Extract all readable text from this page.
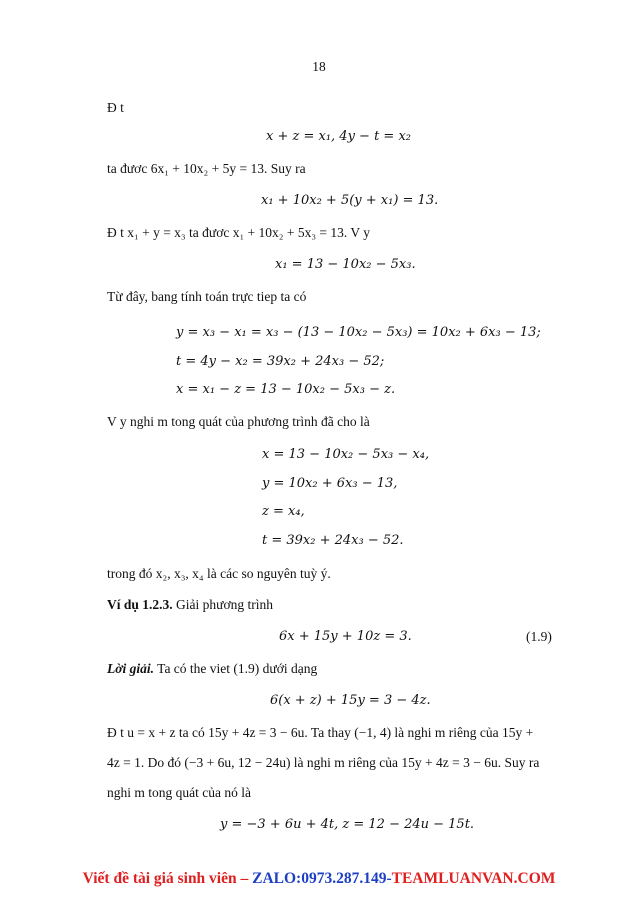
18
Đ t
x + z = x₁, 4y − t = x₂
ta đươc 6x₁ + 10x₂ + 5y = 13. Suy ra
x₁ + 10x₂ + 5(y + x₁) = 13.
Đ t x₁ + y = x₃ ta đươc x₁ + 10x₂ + 5x₃ = 13. V y
x₁ = 13 − 10x₂ − 5x₃.
Từ đây, bang tính toán trực tiep ta có
y = x₃ − x₁ = x₃ − (13 − 10x₂ − 5x₃) = 10x₂ + 6x₃ − 13;
t = 4y − x₂ = 39x₂ + 24x₃ − 52;
x = x₁ − z = 13 − 10x₂ − 5x₃ − z.
V y nghi m tong quát của phương trình đã cho là
x = 13 − 10x₂ − 5x₃ − x₄,
y = 10x₂ + 6x₃ − 13,
z = x₄,
t = 39x₂ + 24x₃ − 52.
trong đó x₂, x₃, x₄ là các so nguyên tuỳ ý.
Ví dụ 1.2.3. Giải phương trình
6x + 15y + 10z = 3.	(1.9)
Lời giải. Ta có the viet (1.9) dưới dạng
6(x + z) + 15y = 3 − 4z.
Đ t u = x + z ta có 15y + 4z = 3 − 6u. Ta thay (−1, 4) là nghi m riêng của 15y +
4z = 1. Do đó (−3 + 6u, 12 − 24u) là nghi m riêng của 15y + 4z = 3 − 6u. Suy ra
nghi m tong quát của nó là
y = −3 + 6u + 4t, z = 12 − 24u − 15t.
Viết đề tài giá sinh viên – ZALO:0973.287.149-TEAMLUANVAN.COM
